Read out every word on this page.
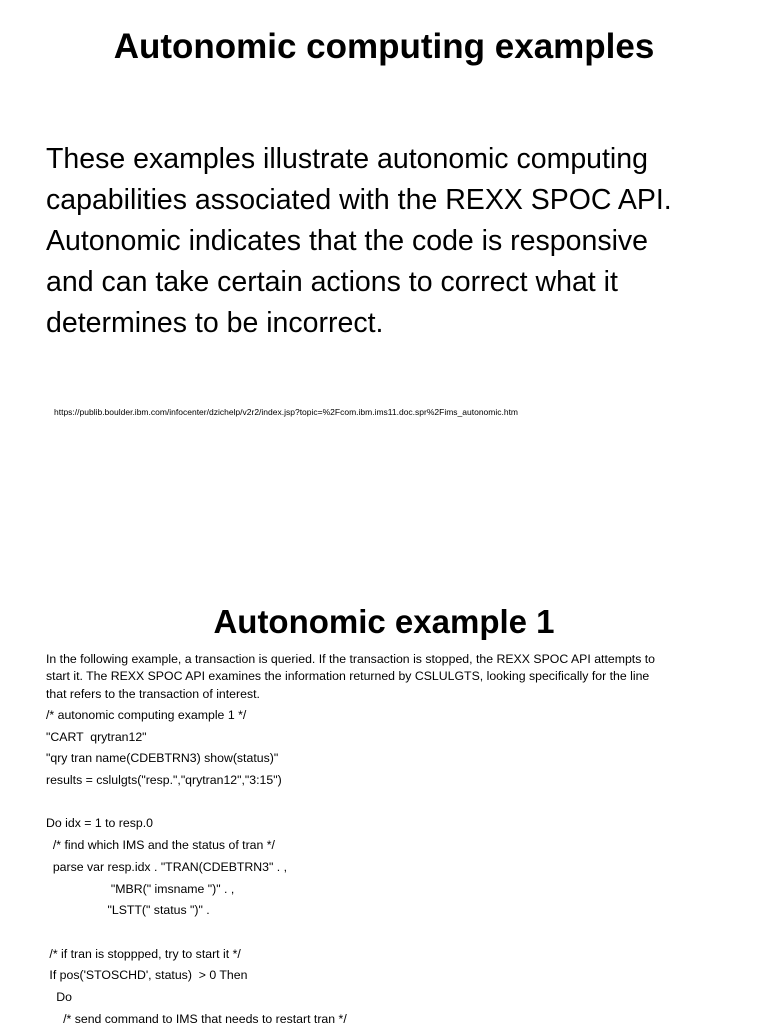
Autonomic computing examples
These examples illustrate autonomic computing
capabilities associated with the REXX SPOC API.
Autonomic indicates that the code is responsive
and can take certain actions to correct what it
determines to be incorrect.
https://publib.boulder.ibm.com/infocenter/dzichelp/v2r2/index.jsp?topic=%2Fcom.ibm.ims11.doc.spr%2Fims_autonomic.htm
Autonomic example 1
In the following example, a transaction is queried. If the transaction is stopped, the REXX SPOC API attempts to
start it. The REXX SPOC API examines the information returned by CSLULGTS, looking specifically for the line
that refers to the transaction of interest.
/* autonomic computing example 1 */
"CART  qrytran12"
"qry tran name(CDEBTRN3) show(status)"
results = cslulgts("resp.","qrytran12","3:15")
Do idx = 1 to resp.0
/* find which IMS and the status of tran */
parse var resp.idx . "TRAN(CDEBTRN3" . ,
"MBR(" imsname ")" . ,
"LSTT(" status ")" .
/* if tran is stoppped, try to start it */
If pos('STOSCHD', status)  > 0 Then
Do
/* send command to IMS that needs to restart tran */
